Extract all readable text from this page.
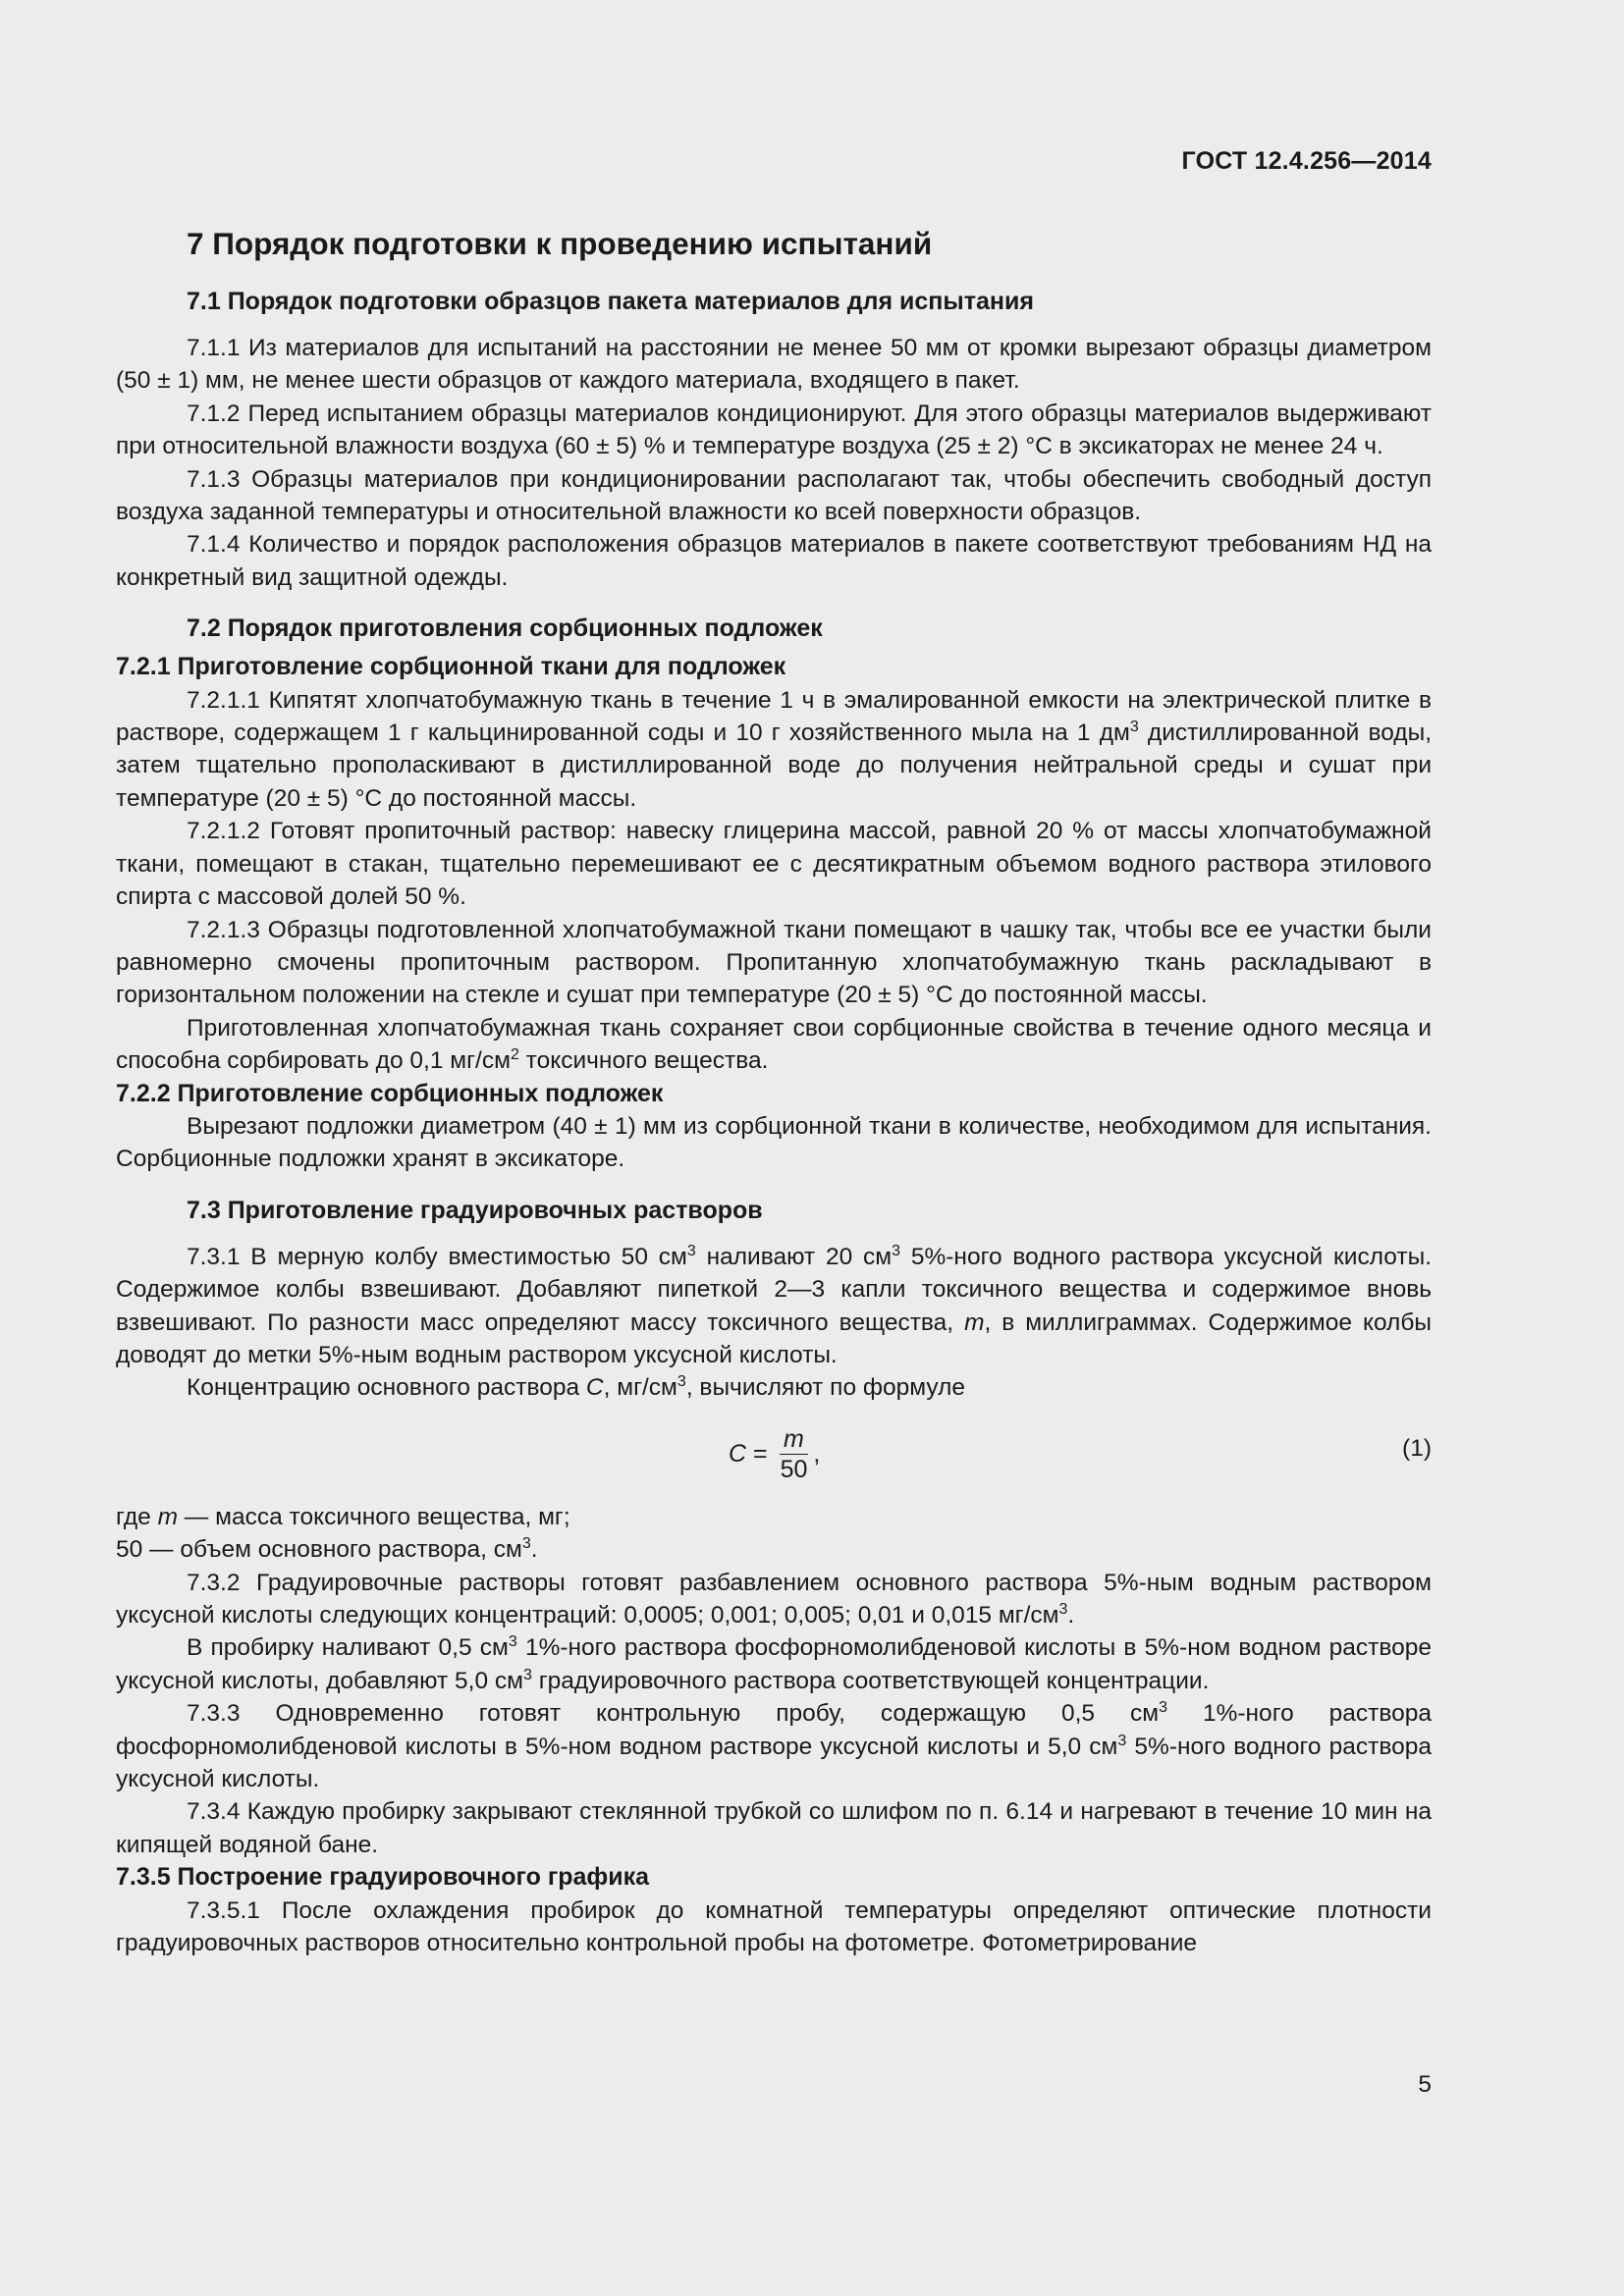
ГОСТ 12.4.256—2014
7 Порядок подготовки к проведению испытаний
7.1 Порядок подготовки образцов пакета материалов для испытания

7.1.1 Из материалов для испытаний на расстоянии не менее 50 мм от кромки вырезают образцы диаметром (50 ± 1) мм, не менее шести образцов от каждого материала, входящего в пакет.

7.1.2 Перед испытанием образцы материалов кондиционируют. Для этого образцы материалов выдерживают при относительной влажности воздуха (60 ± 5) % и температуре воздуха (25 ± 2) °С в эксикаторах не менее 24 ч.

7.1.3 Образцы материалов при кондиционировании располагают так, чтобы обеспечить свободный доступ воздуха заданной температуры и относительной влажности ко всей поверхности образцов.

7.1.4 Количество и порядок расположения образцов материалов в пакете соответствуют требованиям НД на конкретный вид защитной одежды.

7.2 Порядок приготовления сорбционных подложек

7.2.1 Приготовление сорбционной ткани для подложек

7.2.1.1 Кипятят хлопчатобумажную ткань в течение 1 ч в эмалированной емкости на электрической плитке в растворе, содержащем 1 г кальцинированной соды и 10 г хозяйственного мыла на 1 $дм^3$ дистиллированной воды, затем тщательно прополаскивают в дистиллированной воде до получения нейтральной среды и сушат при температуре (20 ± 5) °С до постоянной массы.

7.2.1.2 Готовят пропиточный раствор: навеску глицерина массой, равной 20 % от массы хлопчатобумажной ткани, помещают в стакан, тщательно перемешивают ее с десятикратным объемом водного раствора этилового спирта с массовой долей 50 %.

7.2.1.3 Образцы подготовленной хлопчатобумажной ткани помещают в чашку так, чтобы все ее участки были равномерно смочены пропиточным раствором. Пропитанную хлопчатобумажную ткань раскладывают в горизонтальном положении на стекле и сушат при температуре (20 ± 5) °С до постоянной массы.

Приготовленная хлопчатобумажная ткань сохраняет свои сорбционные свойства в течение одного месяца и способна сорбировать до 0,1 $мг/см^2$ токсичного вещества.

7.2.2 Приготовление сорбционных подложек

Вырезают подложки диаметром (40 ± 1) мм из сорбционной ткани в количестве, необходимом для испытания. Сорбционные подложки хранят в эксикаторе.

7.3 Приготовление градуировочных растворов

7.3.1 В мерную колбу вместимостью 50 $см^3$ наливают 20 $см^3$ 5%-ного водного раствора уксусной кислоты. Содержимое колбы взвешивают. Добавляют пипеткой 2—3 капли токсичного вещества и содержимое вновь взвешивают. По разности масс определяют массу токсичного вещества, m, в миллиграммах. Содержимое колбы доводят до метки 5%-ным водным раствором уксусной кислоты.

Концентрацию основного раствора C, $мг/см^3$, вычисляют по формуле

$C = \frac{m}{50}$ ,	(1)

где m — масса токсичного вещества, мг;

50 — объем основного раствора, $см^3$.

7.3.2 Градуировочные растворы готовят разбавлением основного раствора 5%-ным водным раствором уксусной кислоты следующих концентраций: 0,0005; 0,001; 0,005; 0,01 и 0,015 $мг/см^3$.

В пробирку наливают 0,5 $см^3$ 1%-ного раствора фосфорномолибденовой кислоты в 5%-ном водном растворе уксусной кислоты, добавляют 5,0 $см^3$ градуировочного раствора соответствующей концентрации.

7.3.3 Одновременно готовят контрольную пробу, содержащую 0,5 $см^3$ 1%-ного раствора фосфорномолибденовой кислоты в 5%-ном водном растворе уксусной кислоты и 5,0 $см^3$ 5%-ного водного раствора уксусной кислоты.

7.3.4 Каждую пробирку закрывают стеклянной трубкой со шлифом по п. 6.14 и нагревают в течение 10 мин на кипящей водяной бане.

7.3.5 Построение градуировочного графика

7.3.5.1 После охлаждения пробирок до комнатной температуры определяют оптические плотности градуировочных растворов относительно контрольной пробы на фотометре. Фотометрирование

5
